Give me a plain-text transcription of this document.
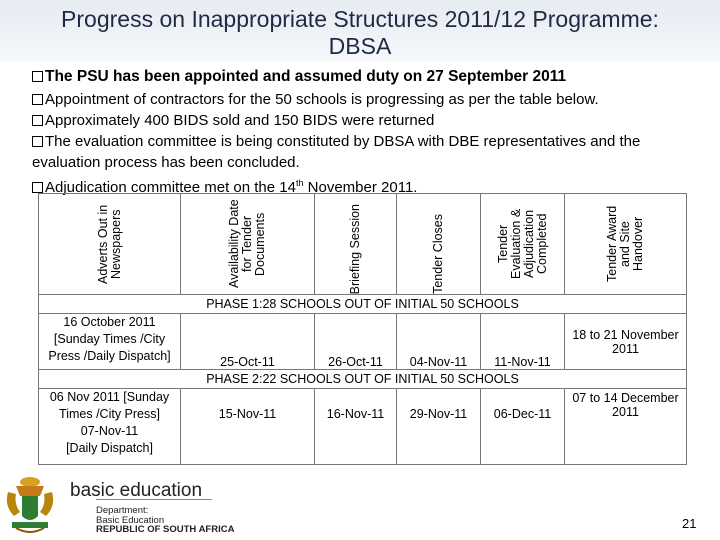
Progress on Inappropriate Structures 2011/12 Programme:
DBSA

The PSU has been appointed and assumed duty on 27 September 2011

Appointment of contractors for the 50 schools is progressing as per the table below.

Approximately 400 BIDS sold and 150 BIDS were returned

The evaluation committee is being constituted by DBSA with DBE representatives and the evaluation process has been concluded.

Adjudication committee met on the 14th November 2011.

Adverts Out in Newspapers	Availability Date for Tender Documents	Briefing Session	Tender Closes	Tender Evaluation & Adjudication Completed	Tender Award and Site Handover

PHASE 1:28 SCHOOLS OUT OF INITIAL 50 SCHOOLS					
16 October 2011 [Sunday Times /City Press /Daily Dispatch]	25-Oct-11	26-Oct-11	04-Nov-11	11-Nov-11	18 to 21 November 2011
PHASE 2:22 SCHOOLS OUT OF INITIAL 50 SCHOOLS					

06 Nov 2011 [Sunday Times /City Press]
07-Nov-11
[Daily Dispatch]	15-Nov-11	16-Nov-11	29-Nov-11	06-Dec-11	07 to 14 December 2011
basic education
Department:
Basic Education
REPUBLIC OF SOUTH AFRICA	21
